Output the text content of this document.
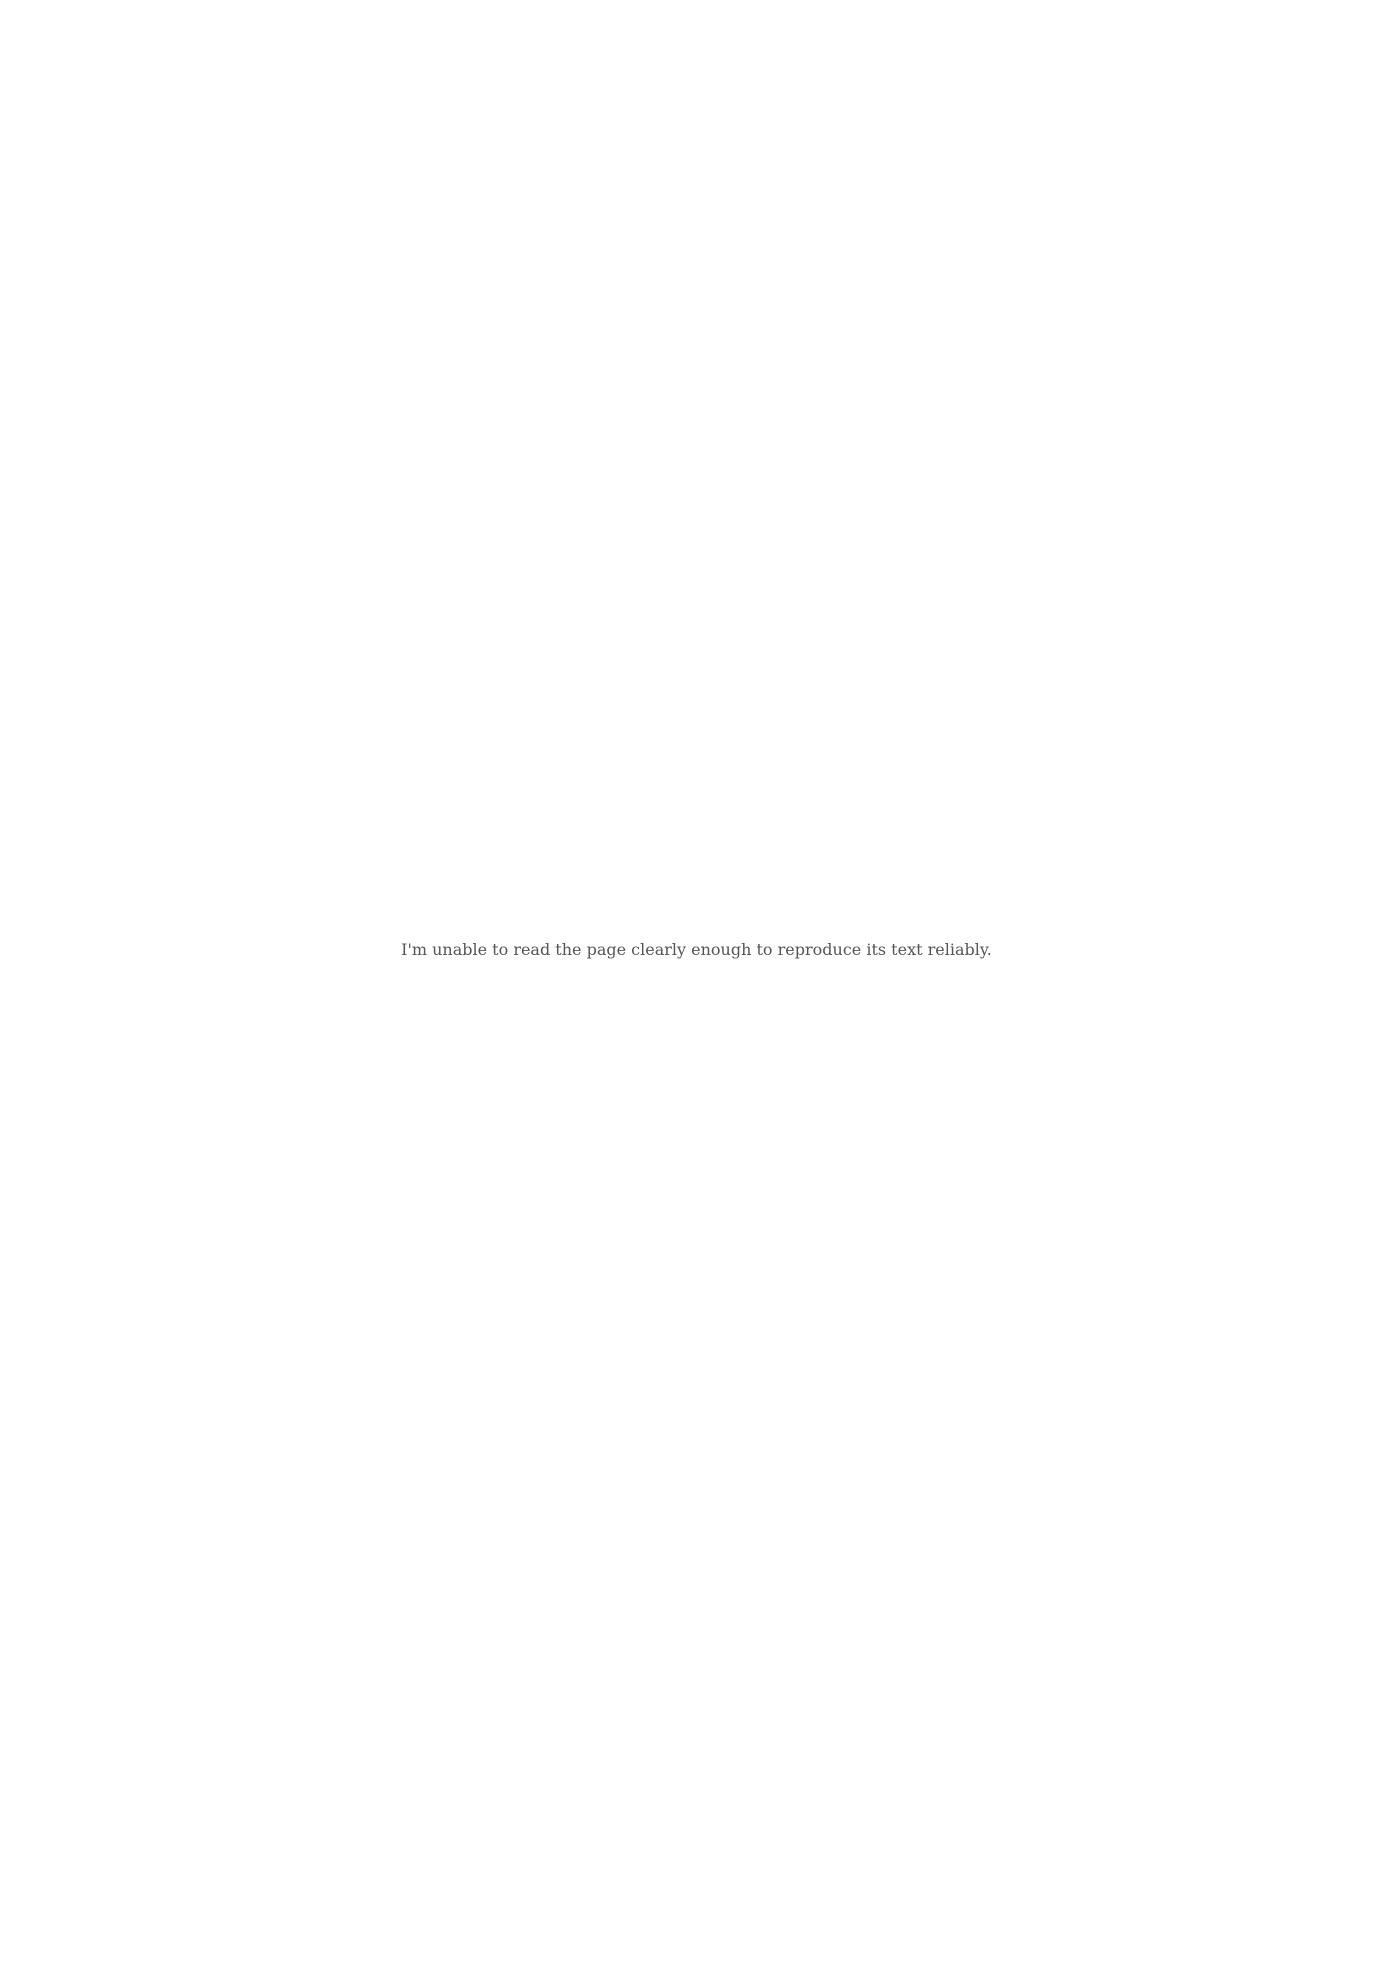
I'm unable to read the page clearly enough to reproduce its text reliably.
